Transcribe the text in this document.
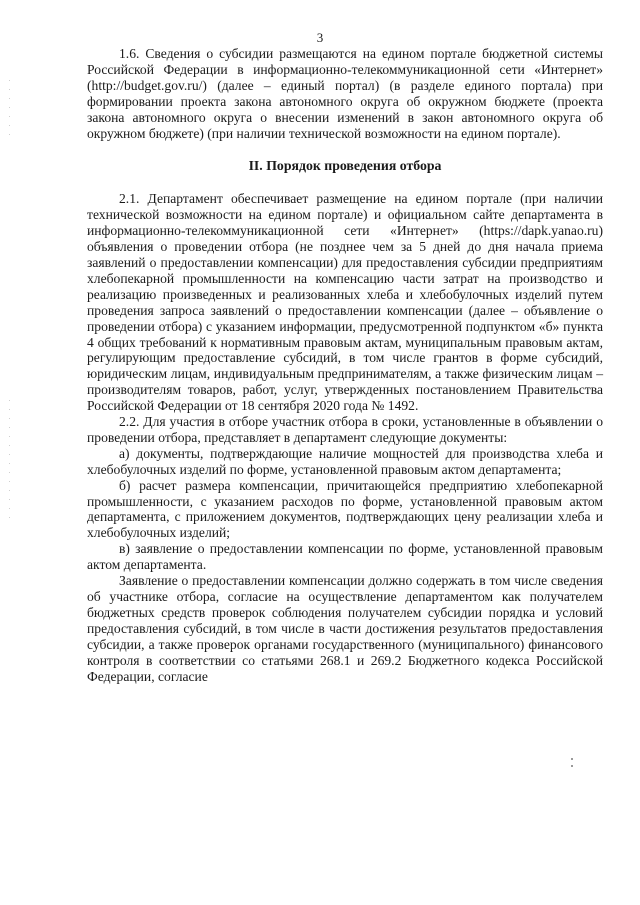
3

1.6. Сведения о субсидии размещаются на едином портале бюджетной системы Российской Федерации в информационно-телекоммуникационной сети «Интернет» (http://budget.gov.ru/) (далее – единый портал) (в разделе единого портала) при формировании проекта закона автономного округа об окружном бюджете (проекта закона автономного округа о внесении изменений в закон автономного округа об окружном бюджете) (при наличии технической возможности на едином портале).

II. Порядок проведения отбора

2.1. Департамент обеспечивает размещение на едином портале (при наличии технической возможности на едином портале) и официальном сайте департамента в информационно-телекоммуникационной сети «Интернет» (https://dapk.yanao.ru) объявления о проведении отбора (не позднее чем за 5 дней до дня начала приема заявлений о предоставлении компенсации) для предоставления субсидии предприятиям хлебопекарной промышленности на компенсацию части затрат на производство и реализацию произведенных и реализованных хлеба и хлебобулочных изделий путем проведения запроса заявлений о предоставлении компенсации (далее – объявление о проведении отбора) с указанием информации, предусмотренной подпунктом «б» пункта 4 общих требований к нормативным правовым актам, муниципальным правовым актам, регулирующим предоставление субсидий, в том числе грантов в форме субсидий, юридическим лицам, индивидуальным предпринимателям, а также физическим лицам – производителям товаров, работ, услуг, утвержденных постановлением Правительства Российской Федерации от 18 сентября 2020 года № 1492.

2.2. Для участия в отборе участник отбора в сроки, установленные в объявлении о проведении отбора, представляет в департамент следующие документы:

а) документы, подтверждающие наличие мощностей для производства хлеба и хлебобулочных изделий по форме, установленной правовым актом департамента;

б) расчет размера компенсации, причитающейся предприятию хлебопекарной промышленности, с указанием расходов по форме, установленной правовым актом департамента, с приложением документов, подтверждающих цену реализации хлеба и хлебобулочных изделий;

в) заявление о предоставлении компенсации по форме, установленной правовым актом департамента.

Заявление о предоставлении компенсации должно содержать в том числе сведения об участнике отбора, согласие на осуществление департаментом как получателем бюджетных средств проверок соблюдения получателем субсидии порядка и условий предоставления субсидий, в том числе в части достижения результатов предоставления субсидии, а также проверок органами государственного (муниципального) финансового контроля в соответствии со статьями 268.1 и 269.2 Бюджетного кодекса Российской Федерации, согласие
